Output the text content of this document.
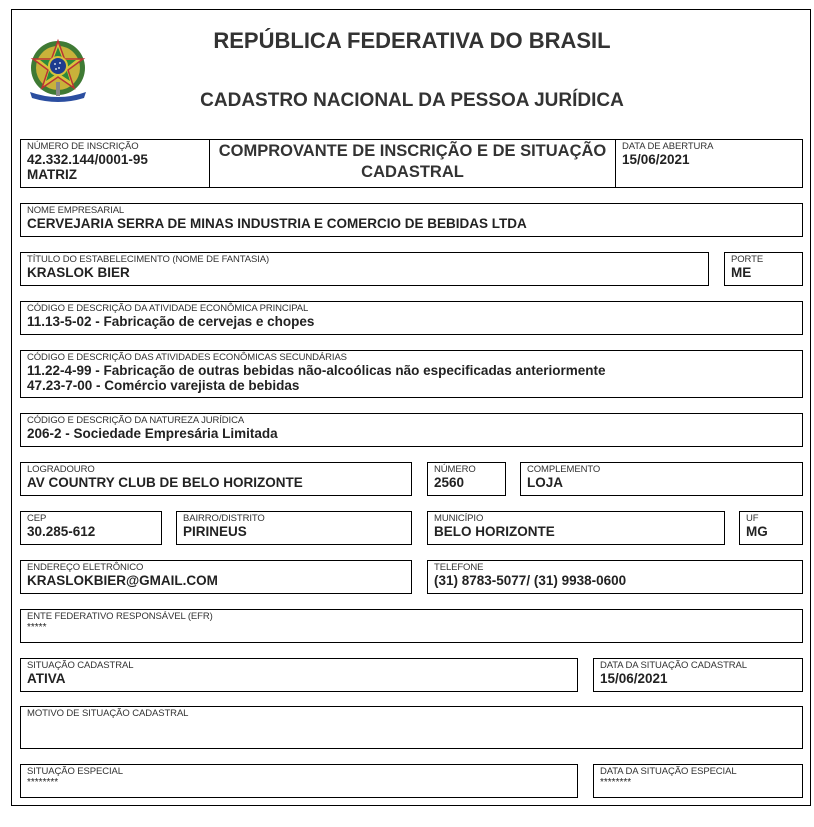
REPÚBLICA FEDERATIVA DO BRASIL
CADASTRO NACIONAL DA PESSOA JURÍDICA
NÚMERO DE INSCRIÇÃO
42.332.144/0001-95
MATRIZ
COMPROVANTE DE INSCRIÇÃO E DE SITUAÇÃO
CADASTRAL
DATA DE ABERTURA
15/06/2021
NOME EMPRESARIAL
CERVEJARIA SERRA DE MINAS INDUSTRIA E COMERCIO DE BEBIDAS LTDA
TÍTULO DO ESTABELECIMENTO (NOME DE FANTASIA)
KRASLOK BIER
PORTE
ME
CÓDIGO E DESCRIÇÃO DA ATIVIDADE ECONÔMICA PRINCIPAL
11.13-5-02 - Fabricação de cervejas e chopes
CÓDIGO E DESCRIÇÃO DAS ATIVIDADES ECONÔMICAS SECUNDÁRIAS
11.22-4-99 - Fabricação de outras bebidas não-alcoólicas não especificadas anteriormente
47.23-7-00 - Comércio varejista de bebidas
CÓDIGO E DESCRIÇÃO DA NATUREZA JURÍDICA
206-2 - Sociedade Empresária Limitada
LOGRADOURO
AV COUNTRY CLUB DE BELO HORIZONTE
NÚMERO
2560
COMPLEMENTO
LOJA
CEP
30.285-612
BAIRRO/DISTRITO
PIRINEUS
MUNICÍPIO
BELO HORIZONTE
UF
MG
ENDEREÇO ELETRÔNICO
KRASLOKBIER@GMAIL.COM
TELEFONE
(31) 8783-5077/ (31) 9938-0600
ENTE FEDERATIVO RESPONSÁVEL (EFR)
*****
SITUAÇÃO CADASTRAL
ATIVA
DATA DA SITUAÇÃO CADASTRAL
15/06/2021
MOTIVO DE SITUAÇÃO CADASTRAL
SITUAÇÃO ESPECIAL
********
DATA DA SITUAÇÃO ESPECIAL
********
